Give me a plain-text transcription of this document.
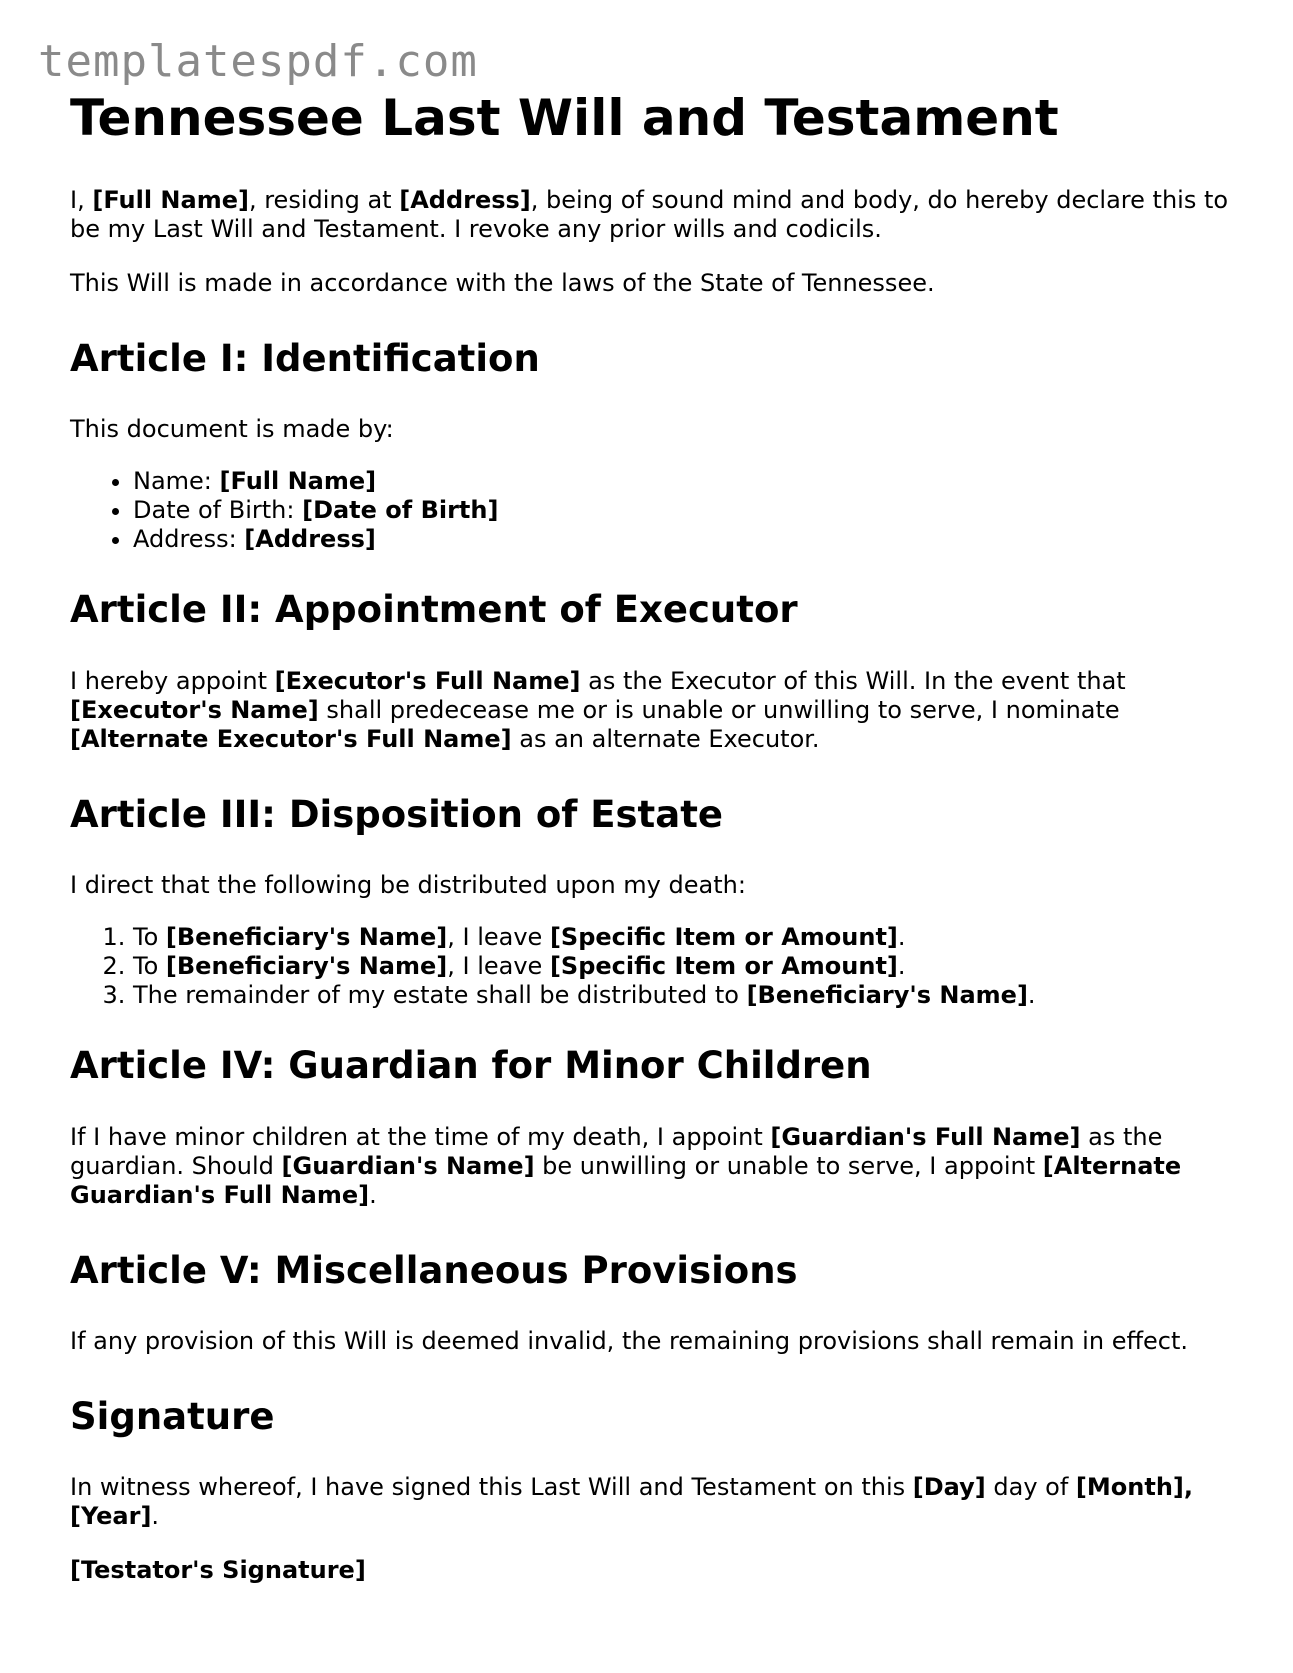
templatespdf.com
Tennessee Last Will and Testament

I, [Full Name], residing at [Address], being of sound mind and body, do hereby declare this to be my Last Will and Testament. I revoke any prior wills and codicils.

This Will is made in accordance with the laws of the State of Tennessee.

Article I: Identification

This document is made by:

• Name: [Full Name]
• Date of Birth: [Date of Birth]
• Address: [Address]
Article II: Appointment of Executor

I hereby appoint [Executor's Full Name] as the Executor of this Will. In the event that [Executor's Name] shall predecease me or is unable or unwilling to serve, I nominate [Alternate Executor's Full Name] as an alternate Executor.

Article III: Disposition of Estate

I direct that the following be distributed upon my death:

1. To [Beneficiary's Name], I leave [Specific Item or Amount].
2. To [Beneficiary's Name], I leave [Specific Item or Amount].
3. The remainder of my estate shall be distributed to [Beneficiary's Name].
Article IV: Guardian for Minor Children

If I have minor children at the time of my death, I appoint [Guardian's Full Name] as the guardian. Should [Guardian's Name] be unwilling or unable to serve, I appoint [Alternate Guardian's Full Name].

Article V: Miscellaneous Provisions

If any provision of this Will is deemed invalid, the remaining provisions shall remain in effect.

Signature

In witness whereof, I have signed this Last Will and Testament on this [Day] day of [Month], [Year].

[Testator's Signature]
